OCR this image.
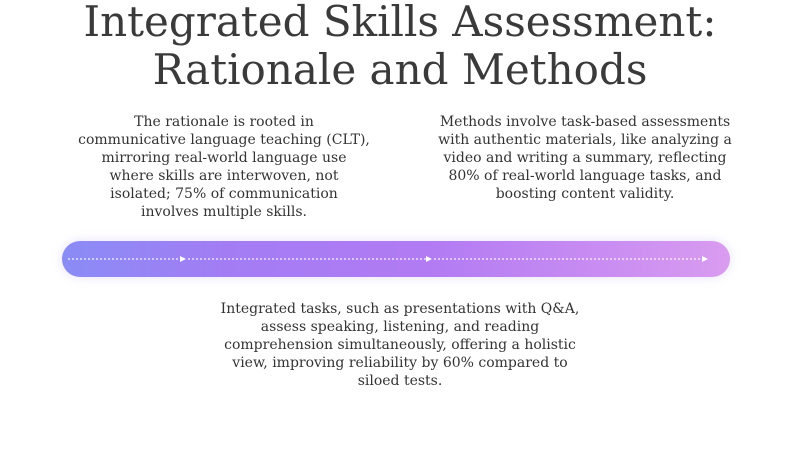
Integrated Skills Assessment:
Rationale and Methods

The rationale is rooted in
communicative language teaching (CLT),
mirroring real-world language use
where skills are interwoven, not
isolated; 75% of communication
involves multiple skills.

Methods involve task-based assessments
with authentic materials, like analyzing a
video and writing a summary, reflecting
80% of real-world language tasks, and
boosting content validity.

Integrated tasks, such as presentations with Q&A,
assess speaking, listening, and reading
comprehension simultaneously, offering a holistic
view, improving reliability by 60% compared to
siloed tests.
